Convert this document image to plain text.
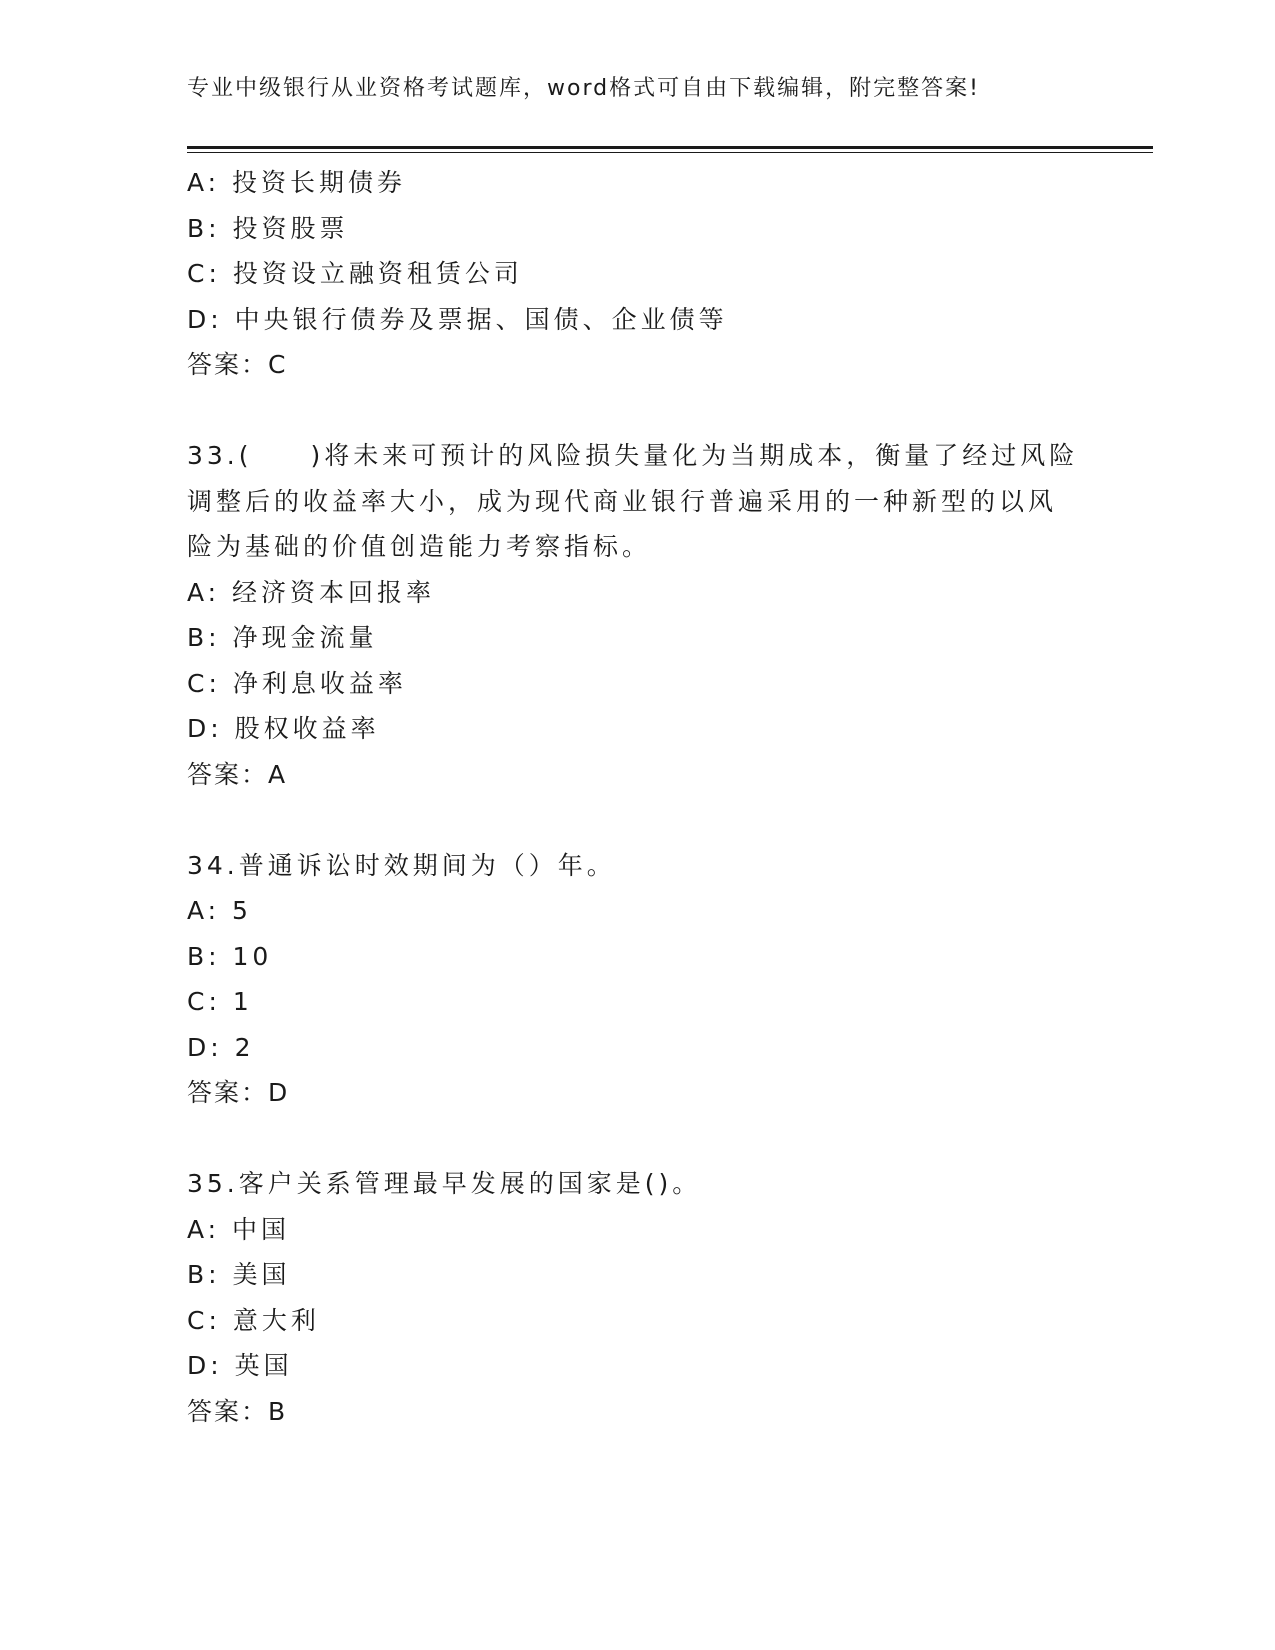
专业中级银行从业资格考试题库，word格式可自由下载编辑，附完整答案!
A: 投资长期债券
B: 投资股票
C: 投资设立融资租赁公司
D: 中央银行债券及票据、国债、企业债等
答案：C
33.(　　)将未来可预计的风险损失量化为当期成本，衡量了经过风险
调整后的收益率大小，成为现代商业银行普遍采用的一种新型的以风
险为基础的价值创造能力考察指标。
A: 经济资本回报率
B: 净现金流量
C: 净利息收益率
D: 股权收益率
答案：A
34.普通诉讼时效期间为（）年。
A: 5
B: 10
C: 1
D: 2
答案：D
35.客户关系管理最早发展的国家是()。
A: 中国
B: 美国
C: 意大利
D: 英国
答案：B
